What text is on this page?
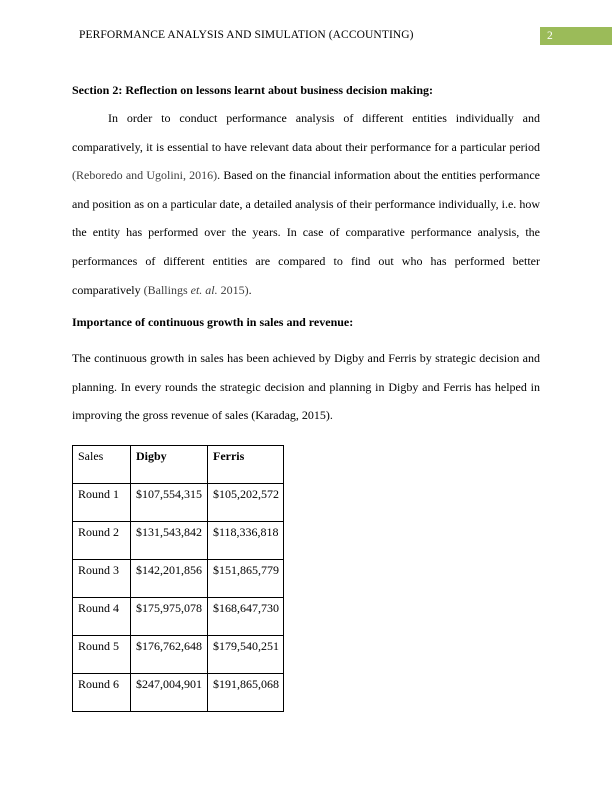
PERFORMANCE ANALYSIS AND SIMULATION (ACCOUNTING)	2
Section 2: Reflection on lessons learnt about business decision making:
In order to conduct performance analysis of different entities individually and comparatively, it is essential to have relevant data about their performance for a particular period (Reboredo and Ugolini, 2016). Based on the financial information about the entities performance and position as on a particular date, a detailed analysis of their performance individually, i.e. how the entity has performed over the years. In case of comparative performance analysis, the performances of different entities are compared to find out who has performed better comparatively (Ballings et. al. 2015).
Importance of continuous growth in sales and revenue:
The continuous growth in sales has been achieved by Digby and Ferris by strategic decision and planning. In every rounds the strategic decision and planning in Digby and Ferris has helped in improving the gross revenue of sales (Karadag, 2015).
Sales	Digby	Ferris
Round 1	$107,554,315	$105,202,572
Round 2	$131,543,842	$118,336,818
Round 3	$142,201,856	$151,865,779
Round 4	$175,975,078	$168,647,730
Round 5	$176,762,648	$179,540,251
Round 6	$247,004,901	$191,865,068
